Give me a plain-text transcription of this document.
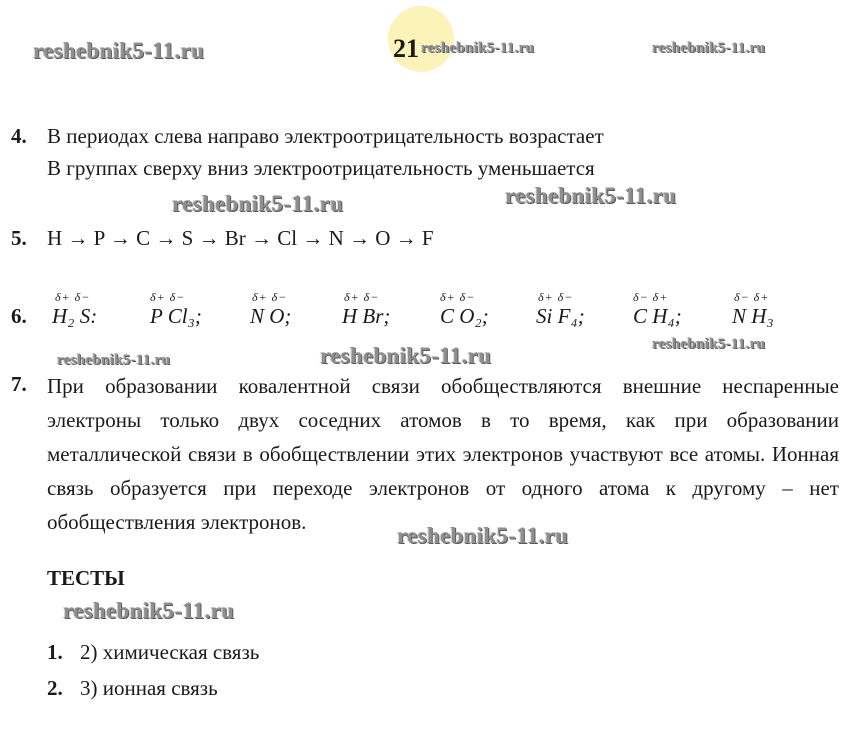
21
reshebnik5-11.ru	reshebnik5-11.ru	reshebnik5-11.ru
reshebnik5-11.ru	reshebnik5-11.ru
reshebnik5-11.ru	reshebnik5-11.ru	reshebnik5-11.ru
reshebnik5-11.ru
reshebnik5-11.ru
4. В периодах слева направо электроотрицательность возрастает
В группах сверху вниз электроотрицательность уменьшается
5. H → P → C → S → Br → Cl → N → O → F
6.
δ+ δ−
H₂ S:
δ+ δ−
P Cl₃;
δ+ δ−
N O;
δ+ δ−
H Br;
δ+ δ−
C O₂;
δ+ δ−
Si F₄;
δ− δ+
C H₄;
δ− δ+
N H₃
7. При образовании ковалентной связи обобществляются внешние неспаренные электроны только двух соседних атомов в то время, как при образовании металлической связи в обобществлении этих электронов участвуют все атомы. Ионная связь образуется при переходе электронов от одного атома к другому – нет обобществления электронов.
ТЕСТЫ
1. 2) химическая связь
2. 3) ионная связь
